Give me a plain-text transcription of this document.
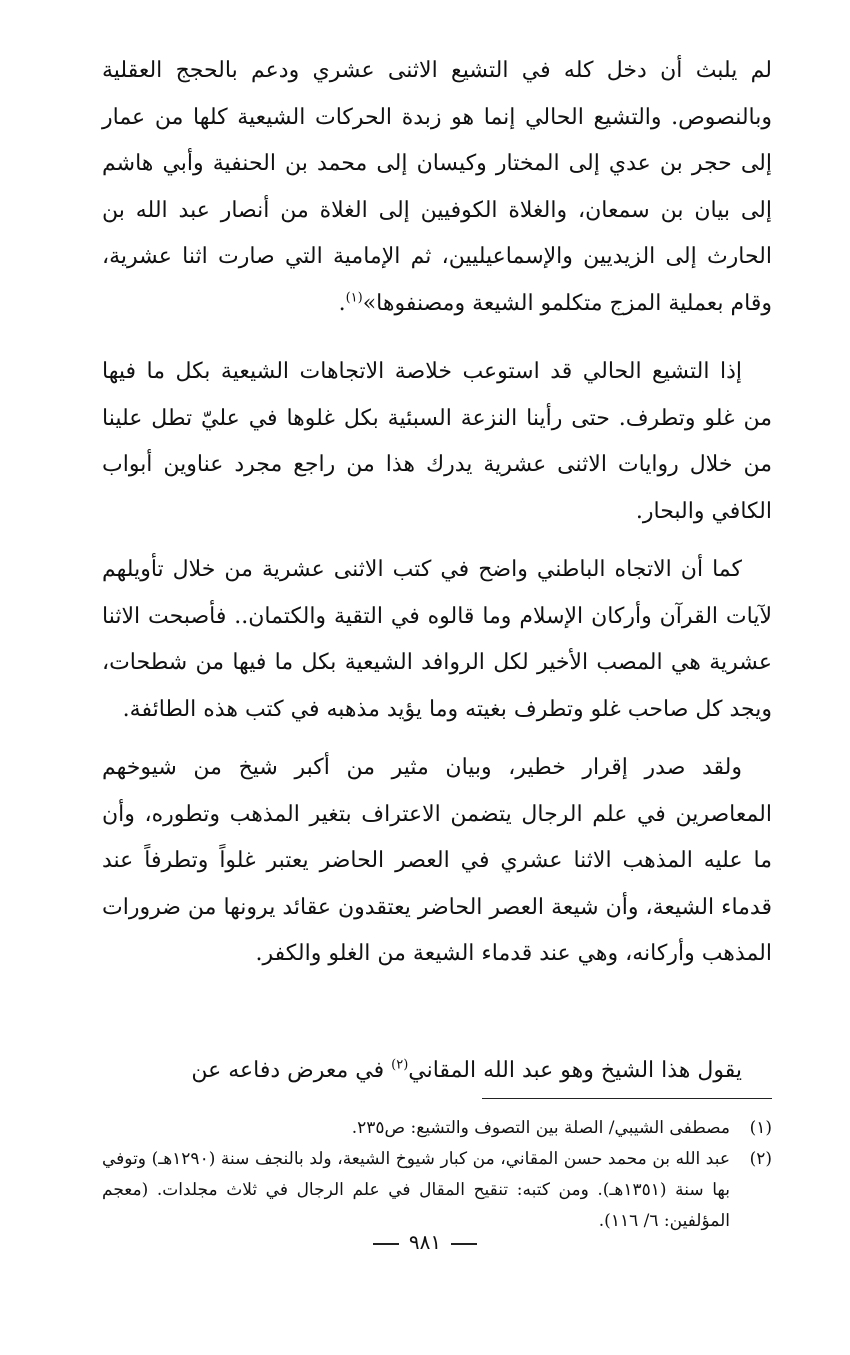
لم يلبث أن دخل كله في التشيع الاثنى عشري ودعم بالحجج العقلية وبالنصوص. والتشيع الحالي إنما هو زبدة الحركات الشيعية كلها من عمار إلى حجر بن عدي إلى المختار وكيسان إلى محمد بن الحنفية وأبي هاشم إلى بيان بن سمعان، والغلاة الكوفيين إلى الغلاة من أنصار عبد الله بن الحارث إلى الزيديين والإسماعيليين، ثم الإمامية التي صارت اثنا عشرية، وقام بعملية المزج متكلمو الشيعة ومصنفوها»$^{(١)}$.

إذا التشيع الحالي قد استوعب خلاصة الاتجاهات الشيعية بكل ما فيها من غلو وتطرف. حتى رأينا النزعة السبئية بكل غلوها في عليّ تطل علينا من خلال روايات الاثنى عشرية يدرك هذا من راجع مجرد عناوين أبواب الكافي والبحار.

كما أن الاتجاه الباطني واضح في كتب الاثنى عشرية من خلال تأويلهم لآيات القرآن وأركان الإسلام وما قالوه في التقية والكتمان.. فأصبحت الاثنا عشرية هي المصب الأخير لكل الروافد الشيعية بكل ما فيها من شطحات، ويجد كل صاحب غلو وتطرف بغيته وما يؤيد مذهبه في كتب هذه الطائفة.

ولقد صدر إقرار خطير، وبيان مثير من أكبر شيخ من شيوخهم المعاصرين في علم الرجال يتضمن الاعتراف بتغير المذهب وتطوره، وأن ما عليه المذهب الاثنا عشري في العصر الحاضر يعتبر غلواً وتطرفاً عند قدماء الشيعة، وأن شيعة العصر الحاضر يعتقدون عقائد يرونها من ضرورات المذهب وأركانه، وهي عند قدماء الشيعة من الغلو والكفر.

يقول هذا الشيخ وهو عبد الله المقاني$^{(٢)}$ في معرض دفاعه عن

(١)
مصطفى الشيبي/ الصلة بين التصوف والتشيع: ص٢٣٥.
(٢)
عبد الله بن محمد حسن المقاني، من كبار شيوخ الشيعة، ولد بالنجف سنة (١٢٩٠هـ) وتوفي بها سنة (١٣٥١هـ). ومن كتبه: تنقيح المقال في علم الرجال في ثلاث مجلدات. (معجم المؤلفين: ٦/ ١١٦).
٩٨١
